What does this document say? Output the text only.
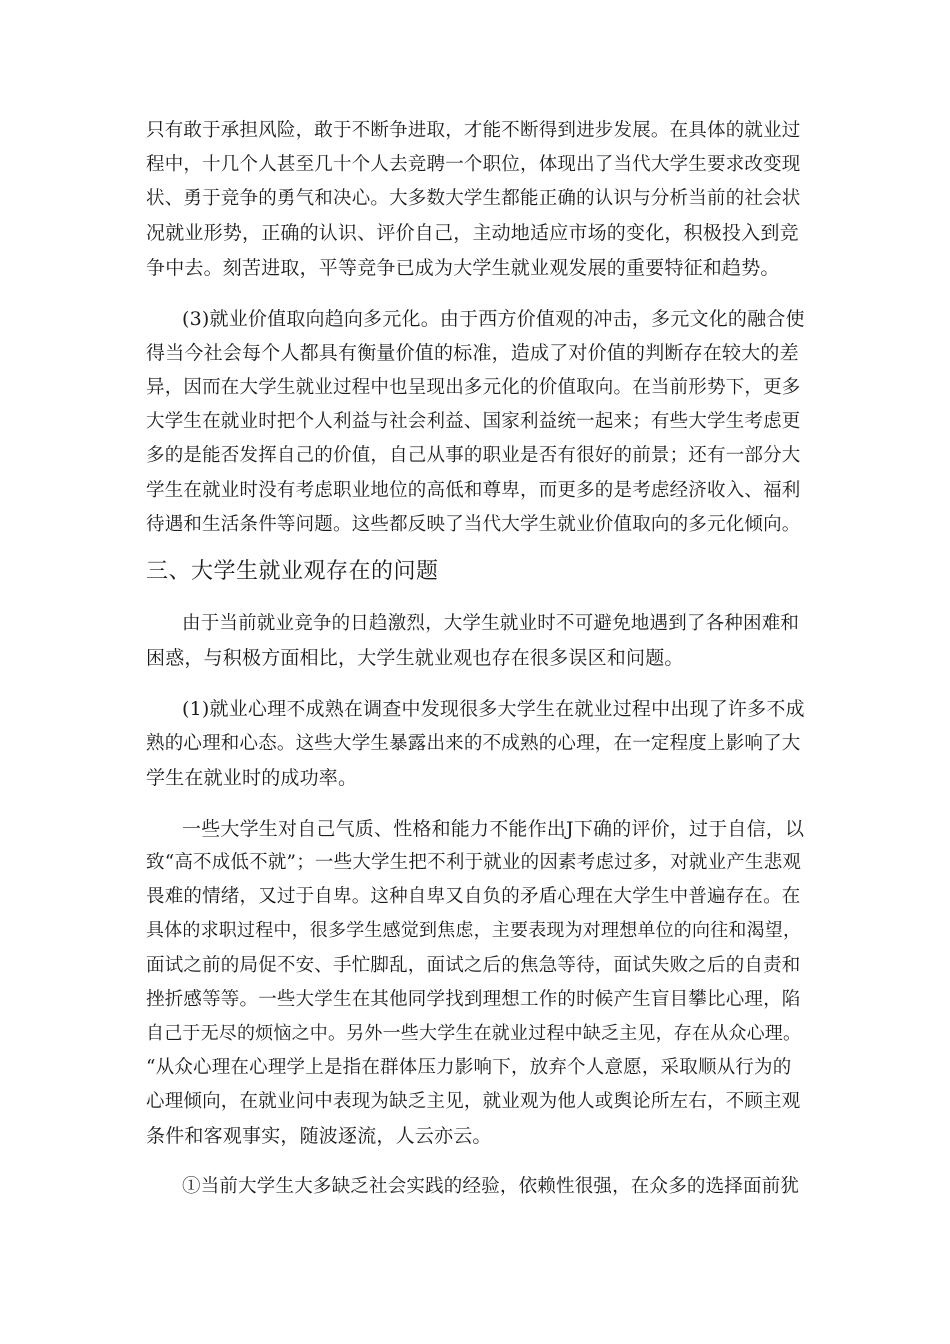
只有敢于承担风险，敢于不断争进取，才能不断得到进步发展。在具体的就业过
程中，十几个人甚至几十个人去竞聘一个职位，体现出了当代大学生要求改变现
状、勇于竞争的勇气和决心。大多数大学生都能正确的认识与分析当前的社会状
况就业形势，正确的认识、评价自己，主动地适应市场的变化，积极投入到竞
争中去。刻苦进取，平等竞争已成为大学生就业观发展的重要特征和趋势。
(3)就业价值取向趋向多元化。由于西方价值观的冲击，多元文化的融合使
得当今社会每个人都具有衡量价值的标准，造成了对价值的判断存在较大的差
异，因而在大学生就业过程中也呈现出多元化的价值取向。在当前形势下，更多
大学生在就业时把个人利益与社会利益、国家利益统一起来；有些大学生考虑更
多的是能否发挥自己的价值，自己从事的职业是否有很好的前景；还有一部分大
学生在就业时没有考虑职业地位的高低和尊卑，而更多的是考虑经济收入、福利
待遇和生活条件等问题。这些都反映了当代大学生就业价值取向的多元化倾向。
三、大学生就业观存在的问题
由于当前就业竞争的日趋激烈，大学生就业时不可避免地遇到了各种困难和
困惑，与积极方面相比，大学生就业观也存在很多误区和问题。
(1)就业心理不成熟在调查中发现很多大学生在就业过程中出现了许多不成
熟的心理和心态。这些大学生暴露出来的不成熟的心理，在一定程度上影响了大
学生在就业时的成功率。
一些大学生对自己气质、性格和能力不能作出J下确的评价，过于自信，以
致“高不成低不就”；一些大学生把不利于就业的因素考虑过多，对就业产生悲观
畏难的情绪，又过于自卑。这种自卑又自负的矛盾心理在大学生中普遍存在。在
具体的求职过程中，很多学生感觉到焦虑，主要表现为对理想单位的向往和渴望，
面试之前的局促不安、手忙脚乱，面试之后的焦急等待，面试失败之后的自责和
挫折感等等。一些大学生在其他同学找到理想工作的时候产生盲目攀比心理，陷
自己于无尽的烦恼之中。另外一些大学生在就业过程中缺乏主见，存在从众心理。
“从众心理在心理学上是指在群体压力影响下，放弃个人意愿，采取顺从行为的
心理倾向，在就业问中表现为缺乏主见，就业观为他人或舆论所左右，不顾主观
条件和客观事实，随波逐流，人云亦云。
①当前大学生大多缺乏社会实践的经验，依赖性很强，在众多的选择面前犹
